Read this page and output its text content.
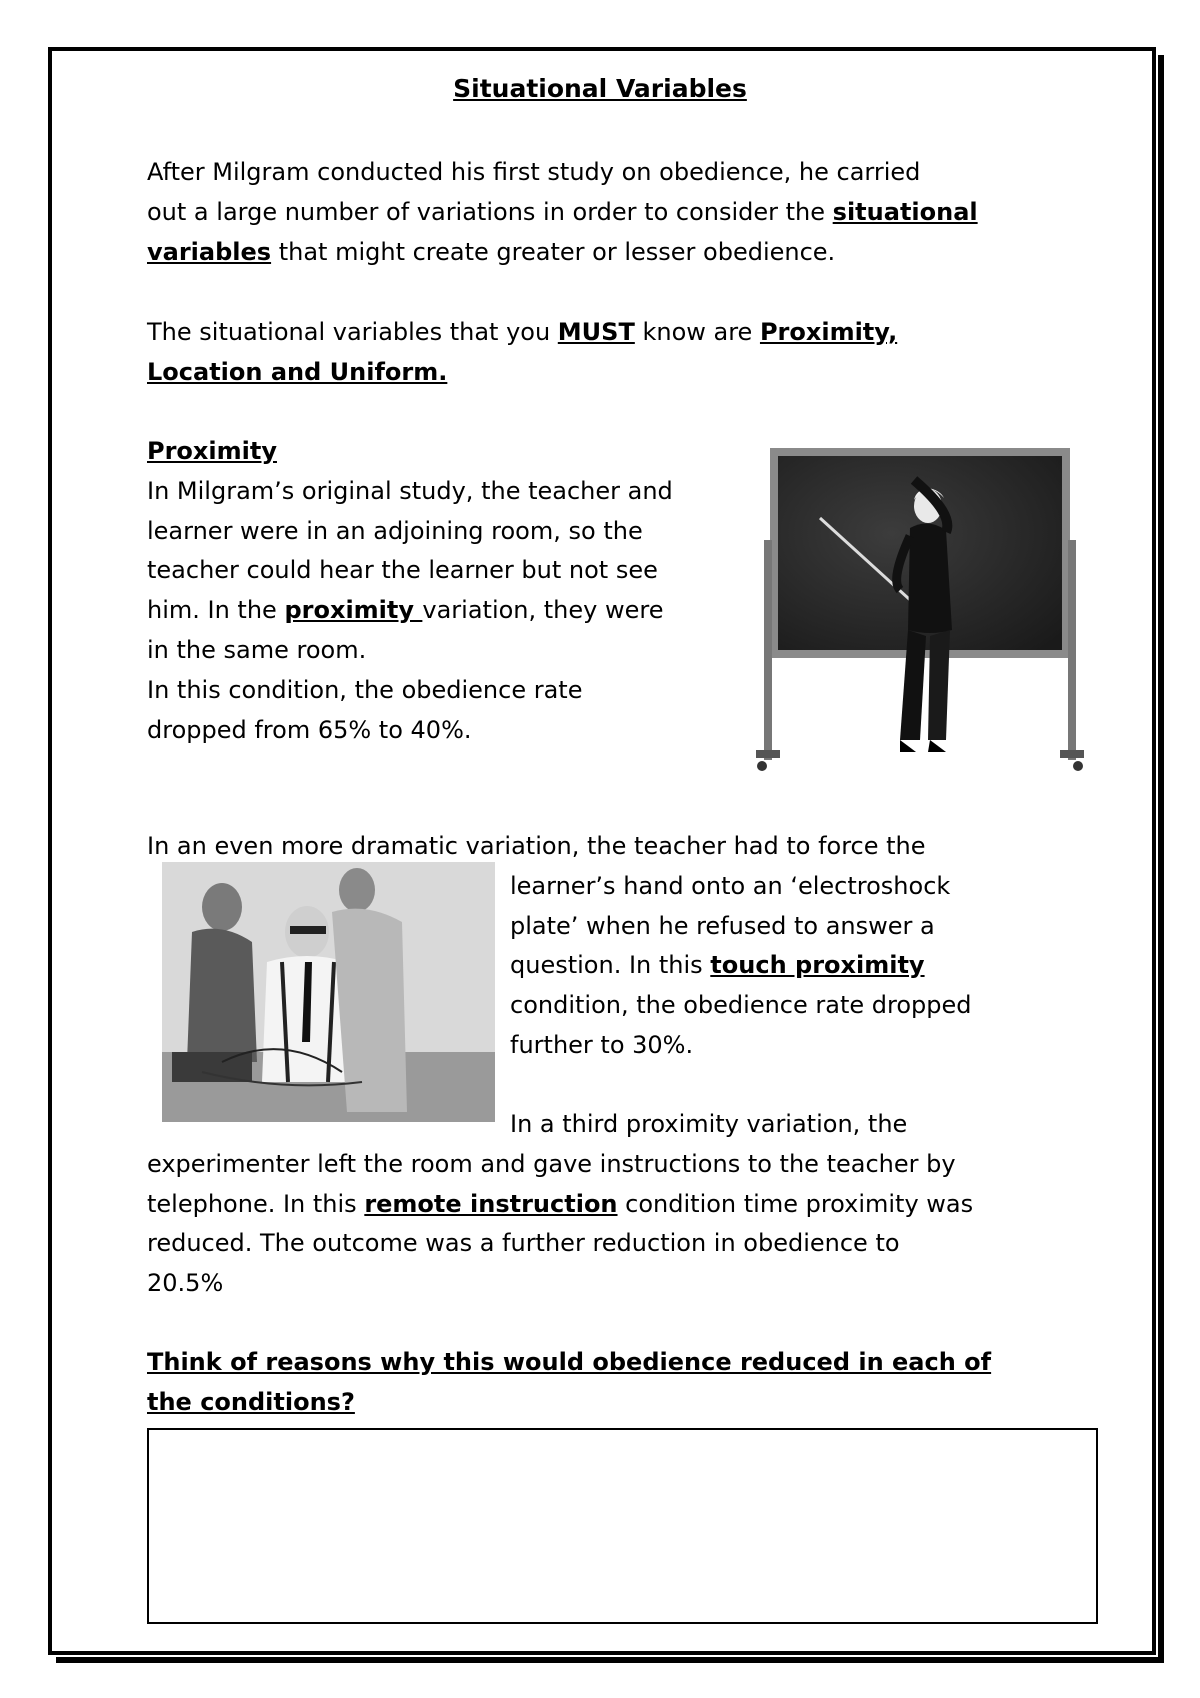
Situational Variables
After Milgram conducted his first study on obedience, he carried
out a large number of variations in order to consider the situational
variables that might create greater or lesser obedience.
The situational variables that you MUST know are Proximity,
Location and Uniform.
Proximity
In Milgram’s original study, the teacher and
learner were in an adjoining room, so the
teacher could hear the learner but not see
him. In the proximity variation, they were
in the same room.
In this condition, the obedience rate
dropped from 65% to 40%.
In an even more dramatic variation, the teacher had to force the
learner’s hand onto an ‘electroshock
plate’ when he refused to answer a
question. In this touch proximity
condition, the obedience rate dropped
further to 30%.
In a third proximity variation, the
experimenter left the room and gave instructions to the teacher by
telephone. In this remote instruction condition time proximity was
reduced. The outcome was a further reduction in obedience to
20.5%
Think of reasons why this would obedience reduced in each of
the conditions?
